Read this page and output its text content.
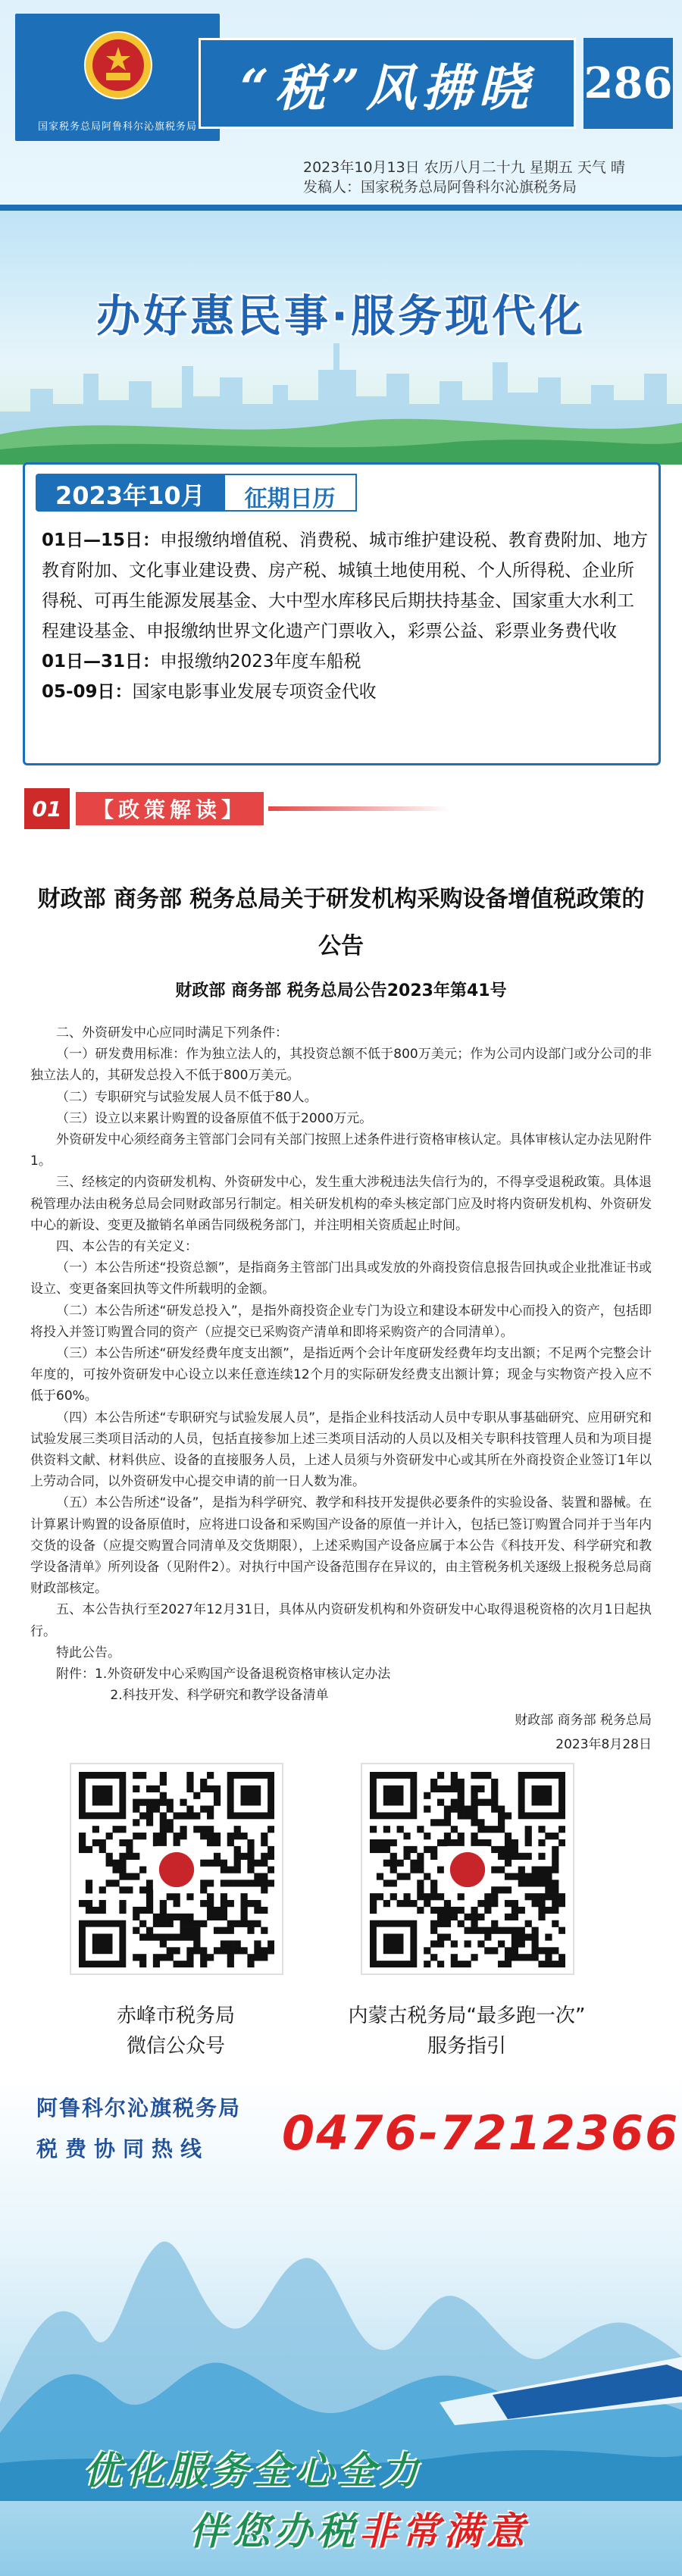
国家税务总局阿鲁科尔沁旗税务局
“税”风拂晓 286
2023年10月13日 农历八月二十九 星期五 天气 晴
发稿人：国家税务总局阿鲁科尔沁旗税务局
办好惠民事·服务现代化
2023年10月	征期日历

01日—15日：申报缴纳增值税、消费税、城市维护建设税、教育费附加、地方教育附加、文化事业建设费、房产税、城镇土地使用税、个人所得税、企业所得税、可再生能源发展基金、大中型水库移民后期扶持基金、国家重大水利工程建设基金、申报缴纳世界文化遗产门票收入，彩票公益、彩票业务费代收

01日—31日：申报缴纳2023年度车船税

05-09日：国家电影事业发展专项资金代收

01	【政策解读】
财政部 商务部 税务总局关于研发机构采购设备增值税政策的公告
财政部 商务部 税务总局公告2023年第41号

二、外资研发中心应同时满足下列条件：

（一）研发费用标准：作为独立法人的，其投资总额不低于800万美元；作为公司内设部门或分公司的非独立法人的，其研发总投入不低于800万美元。

（二）专职研究与试验发展人员不低于80人。

（三）设立以来累计购置的设备原值不低于2000万元。

外资研发中心须经商务主管部门会同有关部门按照上述条件进行资格审核认定。具体审核认定办法见附件1。

三、经核定的内资研发机构、外资研发中心，发生重大涉税违法失信行为的，不得享受退税政策。具体退税管理办法由税务总局会同财政部另行制定。相关研发机构的牵头核定部门应及时将内资研发机构、外资研发中心的新设、变更及撤销名单函告同级税务部门，并注明相关资质起止时间。

四、本公告的有关定义：

（一）本公告所述“投资总额”，是指商务主管部门出具或发放的外商投资信息报告回执或企业批准证书或设立、变更备案回执等文件所载明的金额。

（二）本公告所述“研发总投入”，是指外商投资企业专门为设立和建设本研发中心而投入的资产，包括即将投入并签订购置合同的资产（应提交已采购资产清单和即将采购资产的合同清单）。

（三）本公告所述“研发经费年度支出额”，是指近两个会计年度研发经费年均支出额；不足两个完整会计年度的，可按外资研发中心设立以来任意连续12个月的实际研发经费支出额计算；现金与实物资产投入应不低于60%。

（四）本公告所述“专职研究与试验发展人员”，是指企业科技活动人员中专职从事基础研究、应用研究和试验发展三类项目活动的人员，包括直接参加上述三类项目活动的人员以及相关专职科技管理人员和为项目提供资料文献、材料供应、设备的直接服务人员，上述人员须与外资研发中心或其所在外商投资企业签订1年以上劳动合同，以外资研发中心提交申请的前一日人数为准。

（五）本公告所述“设备”，是指为科学研究、教学和科技开发提供必要条件的实验设备、装置和器械。在计算累计购置的设备原值时，应将进口设备和采购国产设备的原值一并计入，包括已签订购置合同并于当年内交货的设备（应提交购置合同清单及交货期限），上述采购国产设备应属于本公告《科技开发、科学研究和教学设备清单》所列设备（见附件2）。对执行中国产设备范围存在异议的，由主管税务机关逐级上报税务总局商财政部核定。

五、本公告执行至2027年12月31日，具体从内资研发机构和外资研发中心取得退税资格的次月1日起执行。

特此公告。

附件：1.外资研发中心采购国产设备退税资格审核认定办法

2.科技开发、科学研究和教学设备清单

财政部 商务部 税务总局
2023年8月28日
赤峰市税务局
微信公众号
内蒙古税务局“最多跑一次”
服务指引
阿鲁科尔沁旗税务局
税费协同热线 0476-7212366
优化服务全心全力
伴您办税非常满意
